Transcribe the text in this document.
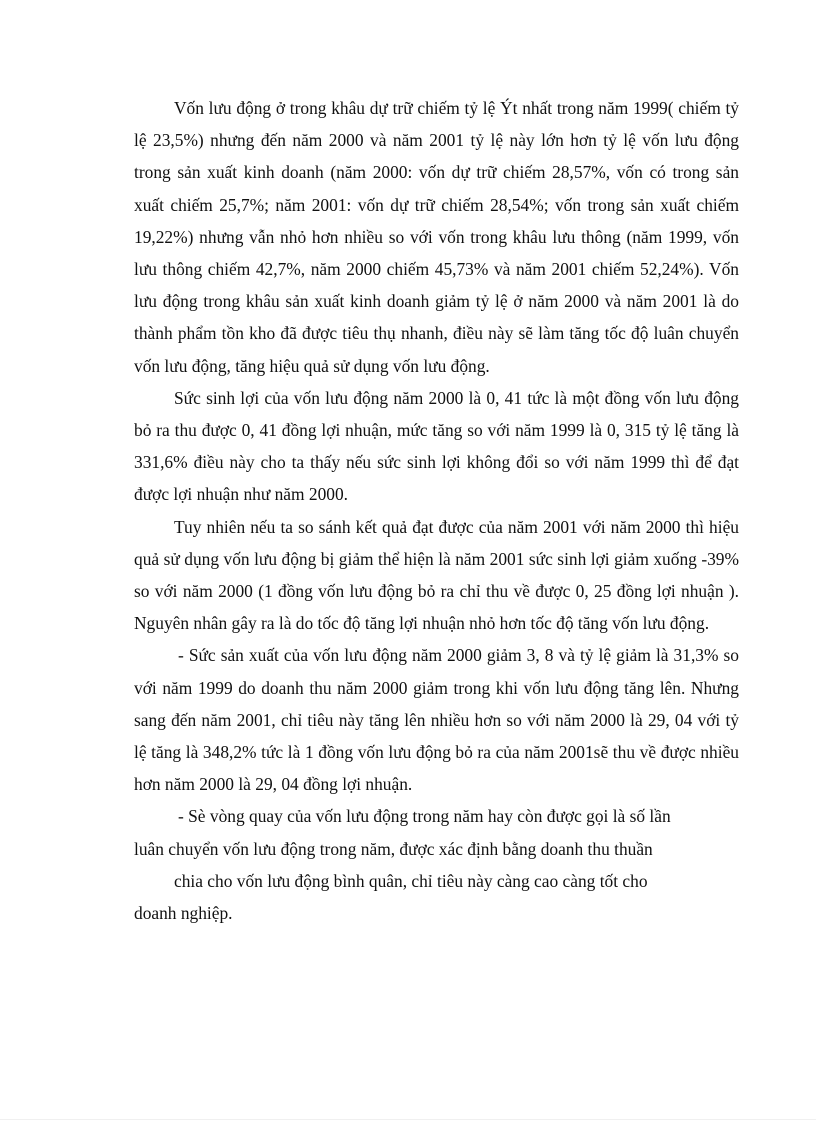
Vốn lưu động ở trong khâu dự trữ chiếm tỷ lệ Ýt nhất trong năm 1999( chiếm tỷ lệ 23,5%) nhưng đến năm 2000 và năm 2001 tỷ lệ này lớn hơn tỷ lệ vốn lưu động trong sản xuất kinh doanh (năm 2000: vốn dự trữ chiếm 28,57%, vốn có trong sản xuất chiếm 25,7%; năm 2001: vốn dự trữ chiếm 28,54%; vốn trong sản xuất chiếm 19,22%) nhưng vẫn nhỏ hơn nhiều so với vốn trong khâu lưu thông (năm 1999, vốn lưu thông chiếm 42,7%, năm 2000 chiếm 45,73% và năm 2001 chiếm 52,24%). Vốn lưu động trong khâu sản xuất kinh doanh giảm tỷ lệ ở năm 2000 và năm 2001 là do thành phẩm tồn kho đã được tiêu thụ nhanh, điều này sẽ làm tăng tốc độ luân chuyển vốn lưu động, tăng hiệu quả sử dụng vốn lưu động.

Sức sinh lợi của vốn lưu động năm 2000 là 0, 41 tức là một đồng vốn lưu động bỏ ra thu được 0, 41 đồng lợi nhuận, mức tăng so với năm 1999 là 0, 315 tỷ lệ tăng là 331,6% điều này cho ta thấy nếu sức sinh lợi không đổi so với năm 1999 thì để đạt được lợi nhuận như năm 2000.

Tuy nhiên nếu ta so sánh kết quả đạt được của năm 2001 với năm 2000 thì hiệu quả sử dụng vốn lưu động bị giảm thể hiện là năm 2001 sức sinh lợi giảm xuống -39% so với năm 2000 (1 đồng vốn lưu động bỏ ra chỉ thu về được 0, 25 đồng lợi nhuận ). Nguyên nhân gây ra là do tốc độ tăng lợi nhuận nhỏ hơn tốc độ tăng vốn lưu động.

- Sức sản xuất của vốn lưu động năm 2000 giảm 3, 8 và tỷ lệ giảm là 31,3% so với năm 1999 do doanh thu năm 2000 giảm trong khi vốn lưu động tăng lên. Nhưng sang đến năm 2001, chỉ tiêu này tăng lên nhiều hơn so với năm 2000 là 29, 04 với tỷ lệ tăng là 348,2% tức là 1 đồng vốn lưu động bỏ ra của năm 2001sẽ thu về được nhiều hơn năm 2000 là 29, 04 đồng lợi nhuận.

- Sè vòng quay của vốn lưu động trong năm hay còn được gọi là số lần

luân chuyển vốn lưu động trong năm, được xác định bằng doanh thu thuần
chia cho vốn lưu động bình quân, chỉ tiêu này càng cao càng tốt cho
doanh nghiệp.
